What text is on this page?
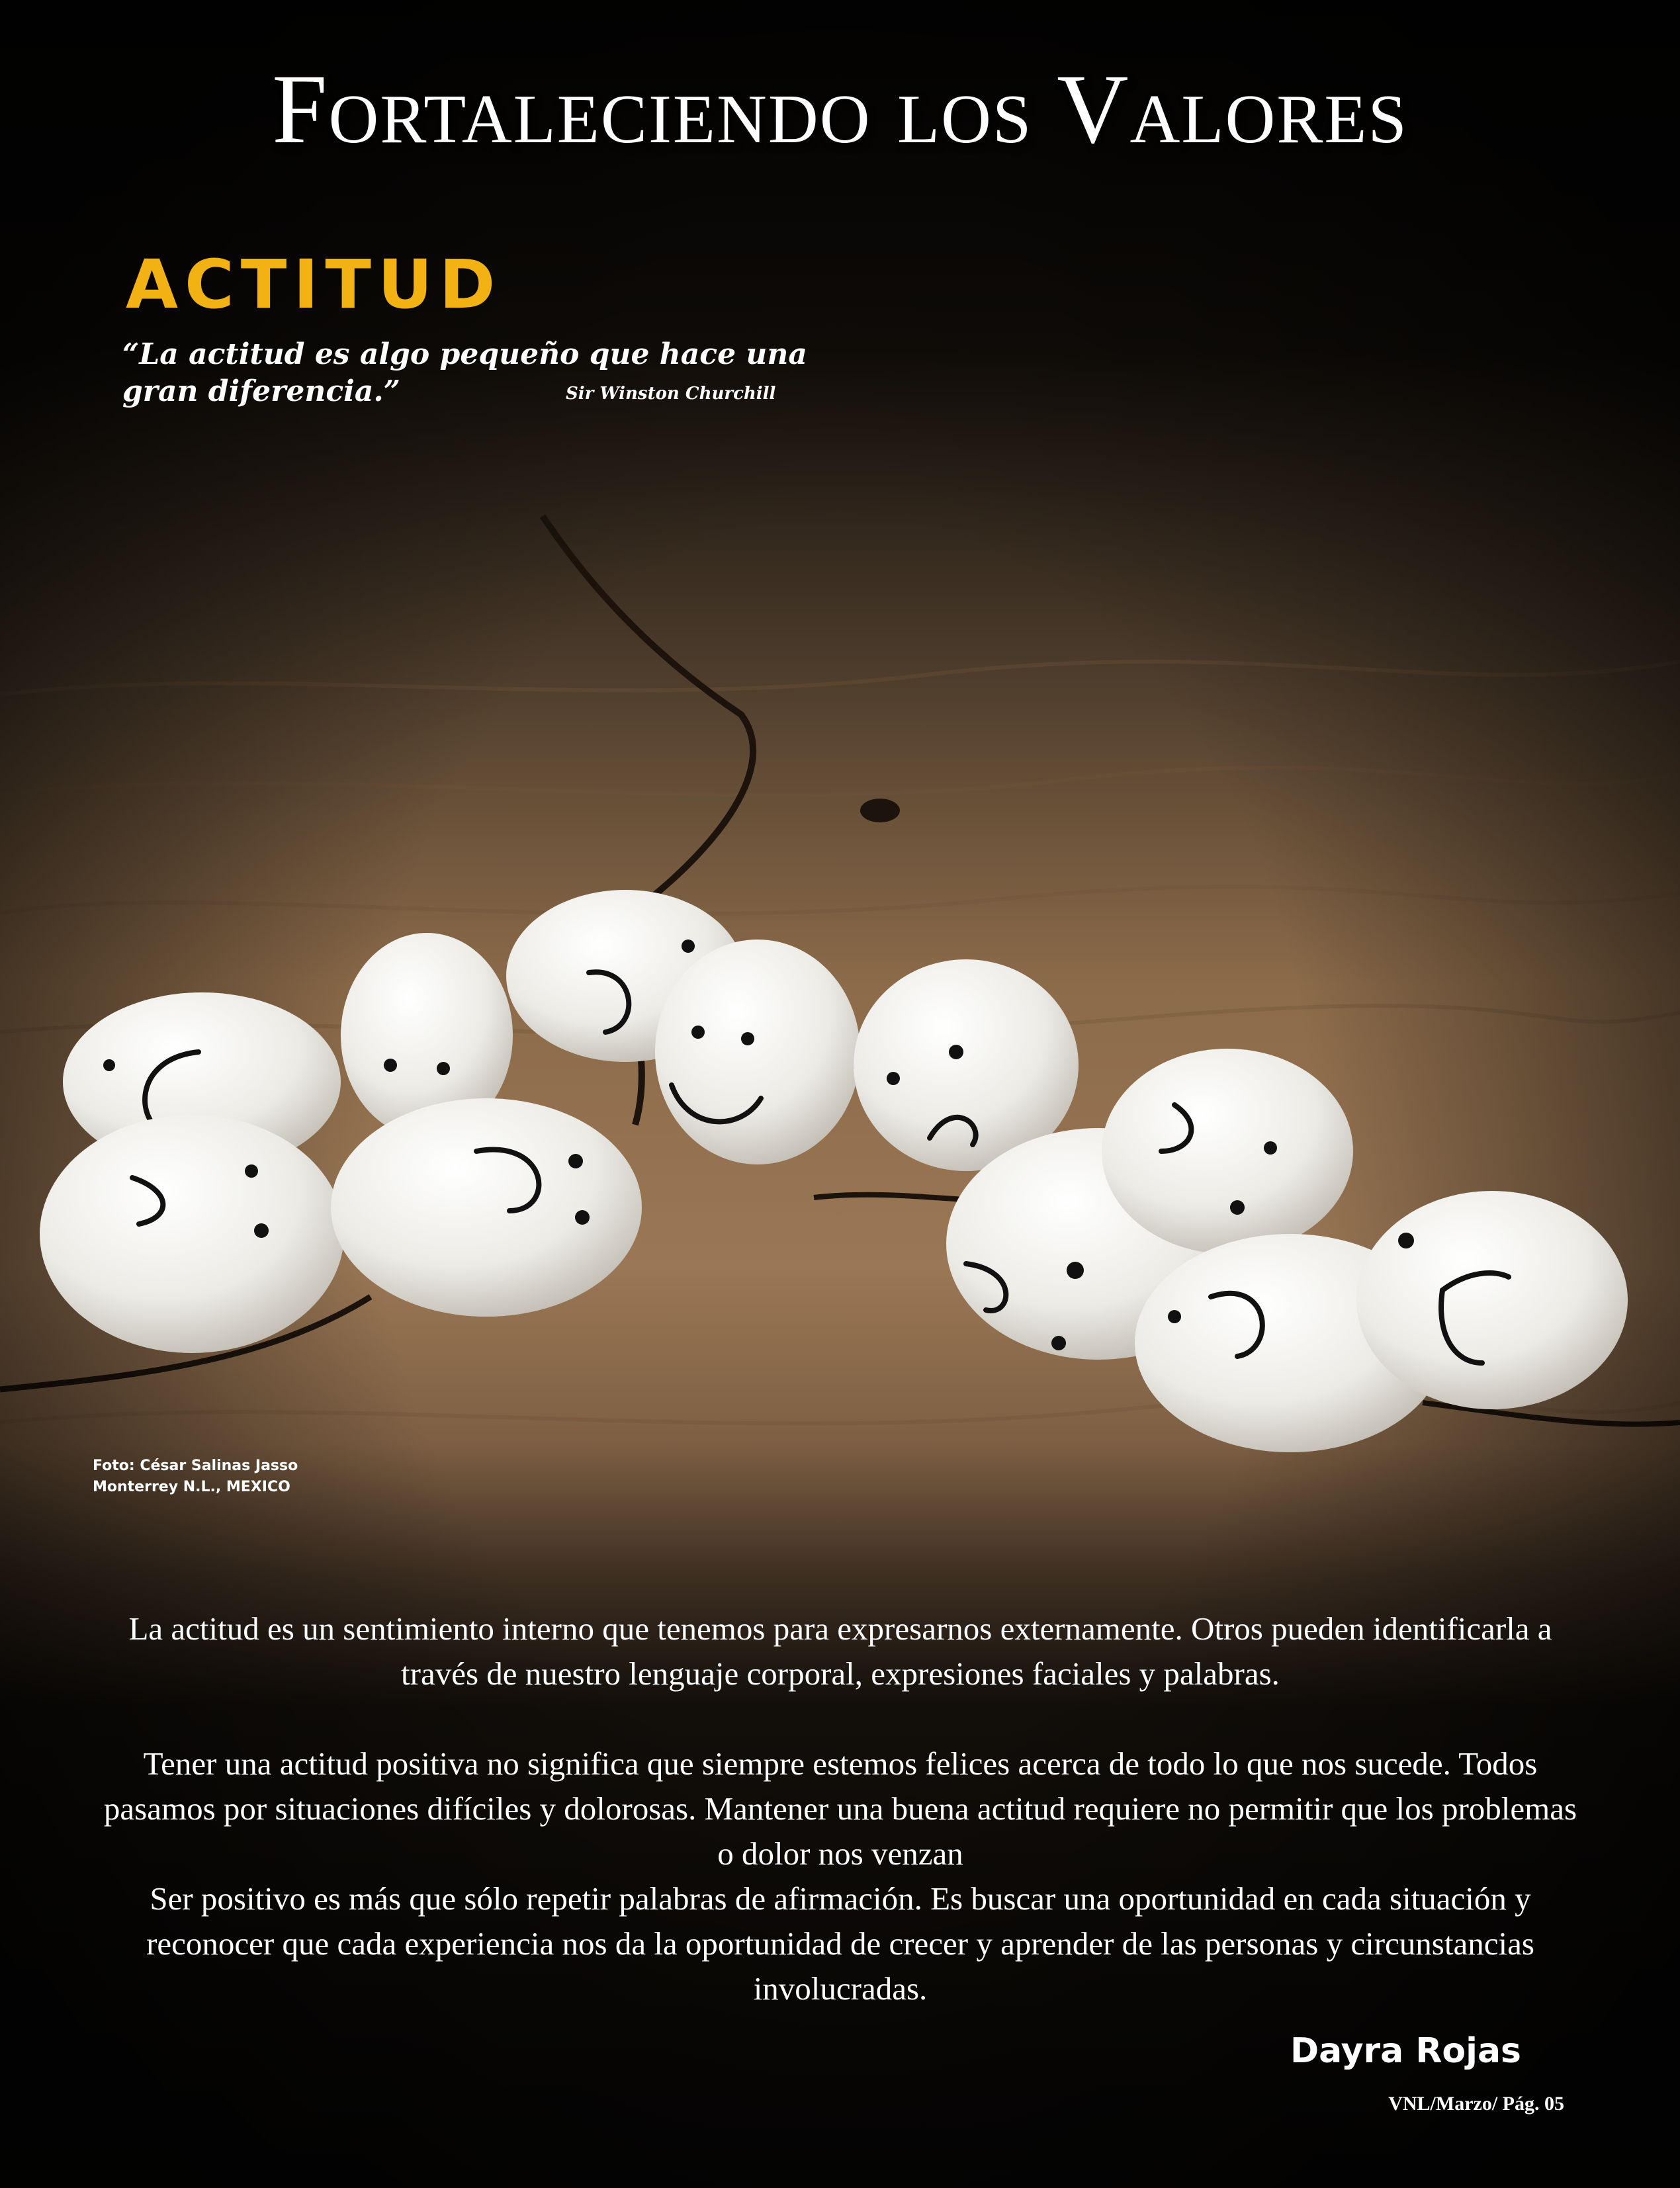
Fortaleciendo los Valores
ACTITUD
“La actitud es algo pequeño que hace una gran diferencia.”	Sir Winston Churchill
Foto: César Salinas Jasso
Monterrey N.L., MEXICO

La actitud es un sentimiento interno que tenemos para expresarnos externamente. Otros pueden identificarla a través de nuestro lenguaje corporal, expresiones faciales y palabras.

Tener una actitud positiva no significa que siempre estemos felices acerca de todo lo que nos sucede. Todos pasamos por situaciones difíciles y dolorosas. Mantener una buena actitud requiere no permitir que los problemas o dolor nos venzan

Ser positivo es más que sólo repetir palabras de afirmación. Es buscar una oportunidad en cada situación y reconocer que cada experiencia nos da la oportunidad de crecer y aprender de las personas y circunstancias involucradas.

Dayra Rojas
VNL/Marzo/ Pág. 05
